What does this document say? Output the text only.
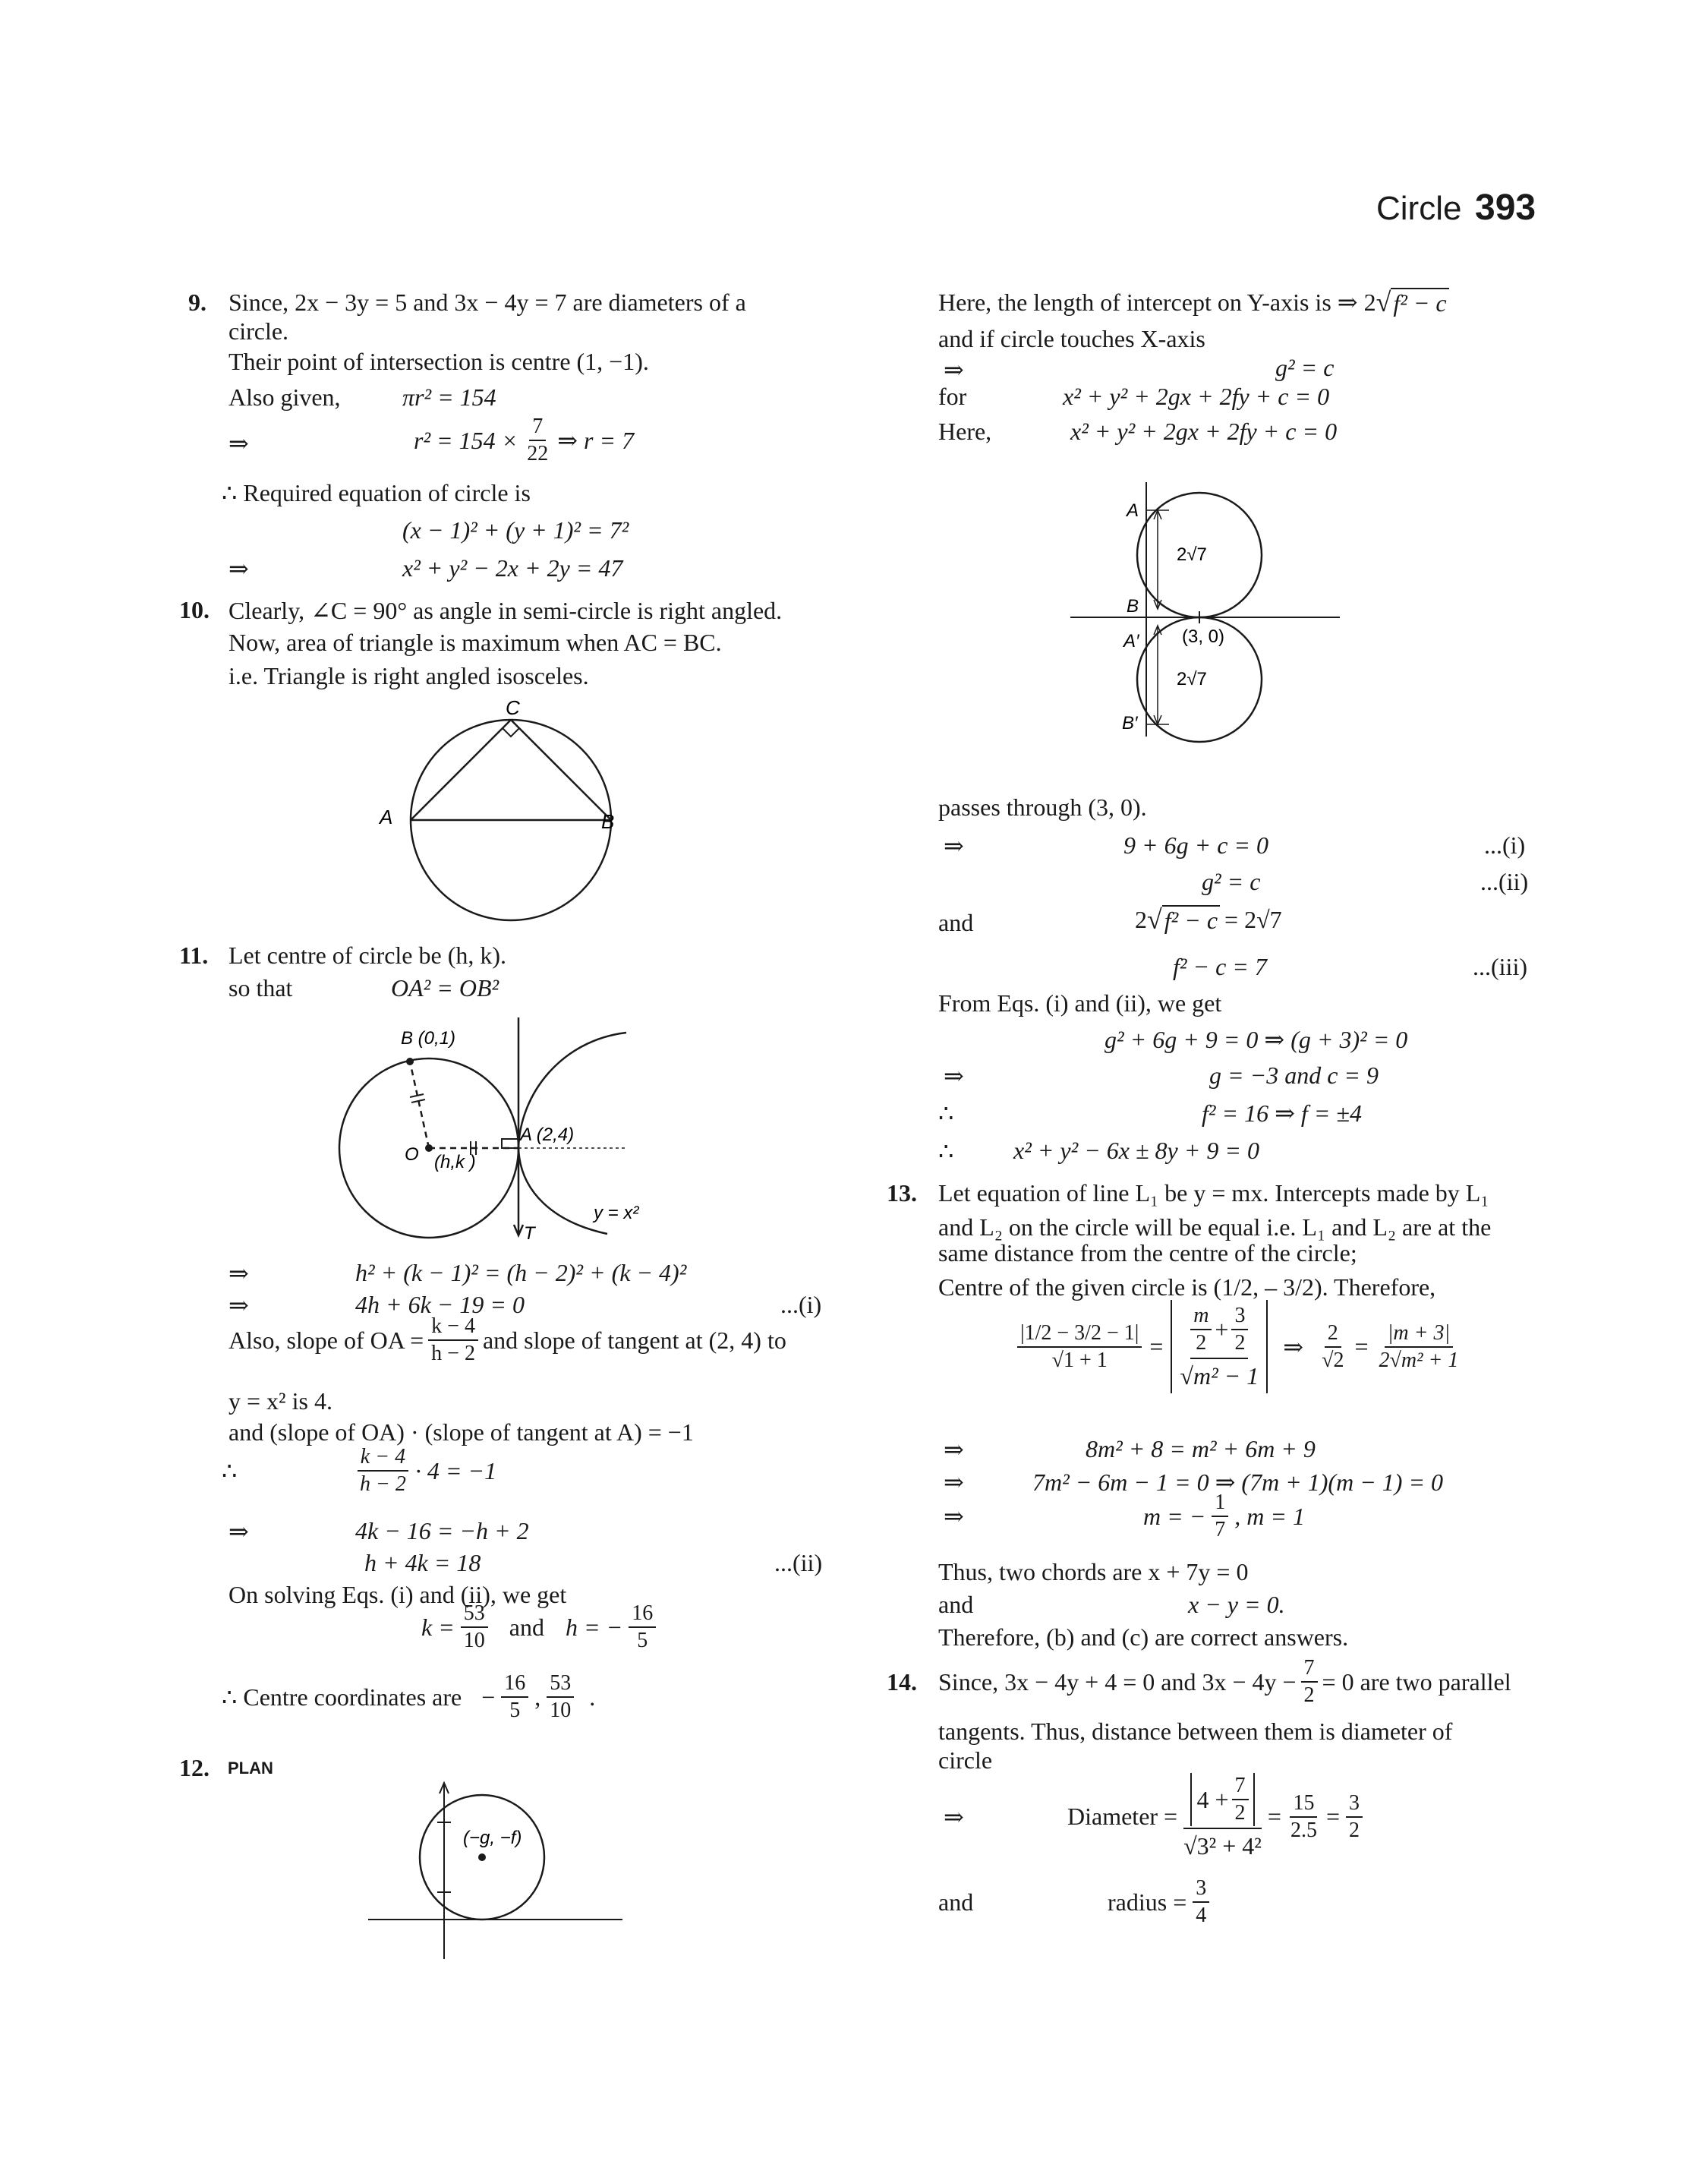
Circle 393
9. Since, 2x − 3y = 5 and 3x − 4y = 7 are diameters of a
circle.
Their point of intersection is centre (1, −1).
Also given,	πr² = 154
⇒	$r^2 = 154 \times \frac{7}{22}$ ⇒ r = 7
∴ Required equation of circle is
(x − 1)² + (y + 1)² = 7²
⇒	x² + y² − 2x + 2y = 47
10. Clearly, ∠C = 90° as angle in semi-circle is right angled.
Now, area of triangle is maximum when AC = BC.
i.e. Triangle is right angled isosceles.
C
A	B
11. Let centre of circle be (h, k).
so that	OA² = OB²
B (0,1)
A (2,4)
O (h,k )
T
y = x²
⇒	h² + (k − 1)² = (h − 2)² + (k − 4)²
⇒	4h + 6k − 19 = 0	...(i)
Also, slope of OA = $\frac{k - 4}{h - 2}$ and slope of tangent at (2, 4) to
y = x² is 4.
and (slope of OA) · (slope of tangent at A) = −1
∴	$\frac{k - 4}{h - 2} \cdot 4 = -1$
⇒	4k − 16 = −h + 2
h + 4k = 18	...(ii)
On solving Eqs. (i) and (ii), we get
$k = \frac{53}{10}$ and h = − $\frac{16}{5}$
∴ Centre coordinates are − $\frac{16}{5}$ , $\frac{53}{10}$ .
12. PLAN
(−g, −f)
Here, the length of intercept on Y-axis is ⇒ 2 √ f² − c
and if circle touches X-axis
⇒	g² = c
for	x² + y² + 2gx + 2fy + c = 0
Here,	x² + y² + 2gx + 2fy + c = 0
A
B
A′
B′
(3, 0)
2√7
2√7
passes through (3, 0).
⇒	9 + 6g + c = 0	...(i)
g² = c	...(ii)
and	2 √ f² − c = 2√7
f² − c = 7	...(iii)
From Eqs. (i) and (ii), we get
g² + 6g + 9 = 0 ⇒ (g + 3)² = 0
⇒	g = −3 and c = 9
∴	f² = 16 ⇒ f = ±4
∴ x² + y² − 6x ± 8y + 9 = 0
13. Let equation of line L₁ be y = mx. Intercepts made by L₁
and L₂ on the circle will be equal i.e. L₁ and L₂ are at the
same distance from the centre of the circle;
Centre of the given circle is (1/2, – 3/2). Therefore,
$\frac{|1/2 - 3/2 - 1|}{√1 + 1} = \frac{\frac{m}{2} + \frac{3}{2}}{\text{√m² − 1}}$ ⇒ $\frac{2}{√2} = \frac{|m + 3|}{\text{2√m² + 1}}$
⇒	8m² + 8 = m² + 6m + 9
⇒	7m² − 6m − 1 = 0 ⇒ (7m + 1)(m − 1) = 0
⇒	m = − $\frac{1}{7}$ , m = 1
Thus, two chords are x + 7y = 0
and	x − y = 0.
Therefore, (b) and (c) are correct answers.
14. Since, 3x − 4y + 4 = 0 and $3x - 4y - \frac{7}{2} = 0$ are two parallel
tangents. Thus, distance between them is diameter of
circle
⇒	Diameter = $\frac{4 + \frac{7}{2}}{\text{√3² + 4²}} = \frac{15}{2.5} = \frac{3}{2}$
and	radius = $\frac{3}{4}$
